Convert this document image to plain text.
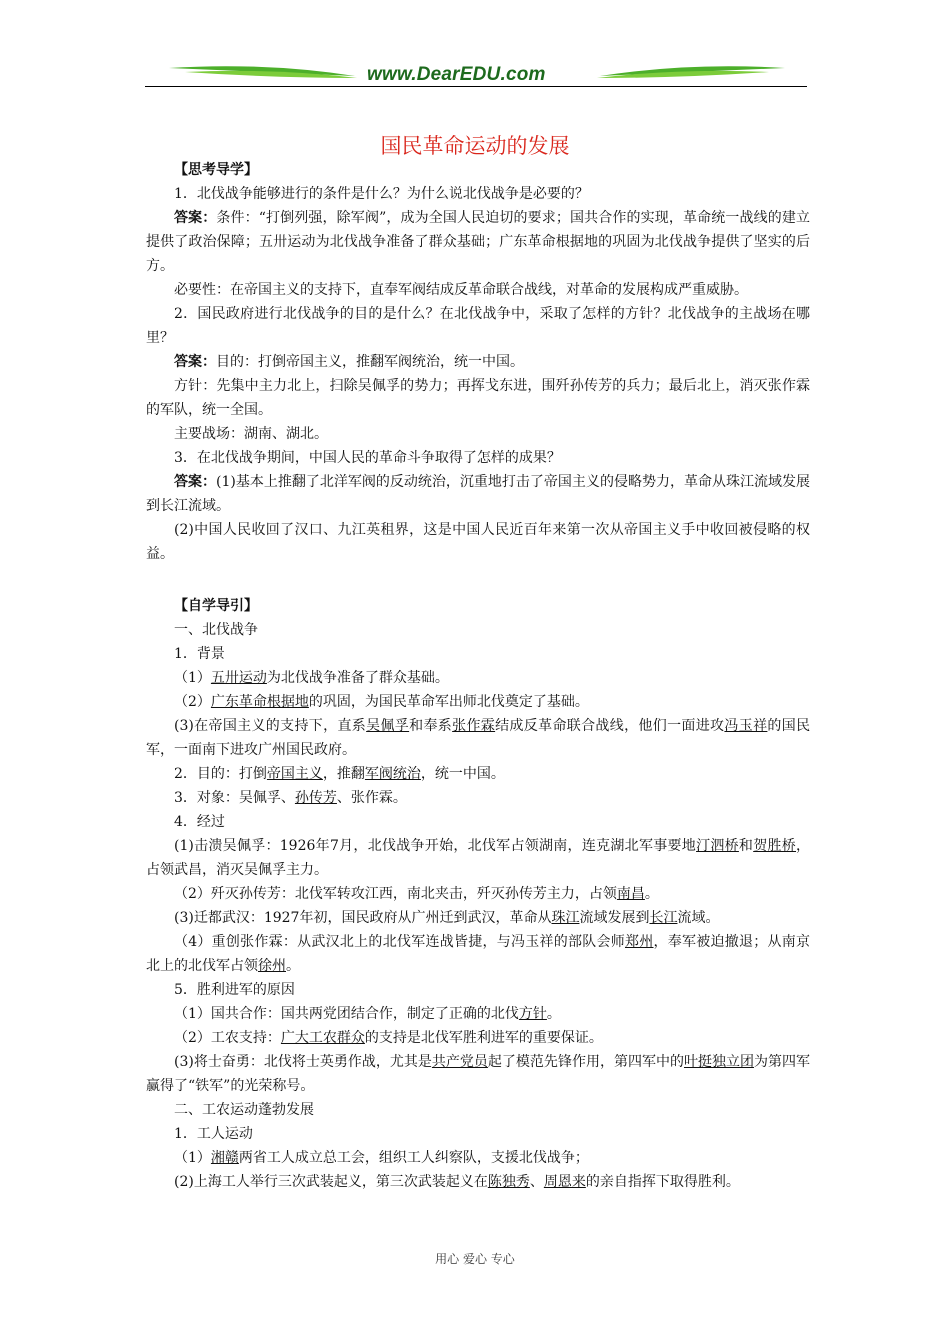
www.DearEDU.com
国民革命运动的发展

【思考导学】

1．北伐战争能够进行的条件是什么？为什么说北伐战争是必要的？

答案：条件：“打倒列强，除军阀”，成为全国人民迫切的要求；国共合作的实现，革命统一战线的建立提供了政治保障；五卅运动为北伐战争准备了群众基础；广东革命根据地的巩固为北伐战争提供了坚实的后方。

必要性：在帝国主义的支持下，直奉军阀结成反革命联合战线，对革命的发展构成严重威胁。

2．国民政府进行北伐战争的目的是什么？在北伐战争中，采取了怎样的方针？北伐战争的主战场在哪里？

答案：目的：打倒帝国主义，推翻军阀统治，统一中国。

方针：先集中主力北上，扫除吴佩孚的势力；再挥戈东进，围歼孙传芳的兵力；最后北上，消灭张作霖的军队，统一全国。

主要战场：湖南、湖北。

3．在北伐战争期间，中国人民的革命斗争取得了怎样的成果？

答案：(1)基本上推翻了北洋军阀的反动统治，沉重地打击了帝国主义的侵略势力，革命从珠江流域发展到长江流域。

(2)中国人民收回了汉口、九江英租界，这是中国人民近百年来第一次从帝国主义手中收回被侵略的权益。

【自学导引】

一、北伐战争

1．背景

（1）五卅运动为北伐战争准备了群众基础。

（2）广东革命根据地的巩固，为国民革命军出师北伐奠定了基础。

(3)在帝国主义的支持下，直系吴佩孚和奉系张作霖结成反革命联合战线，他们一面进攻冯玉祥的国民军，一面南下进攻广州国民政府。

2．目的：打倒帝国主义，推翻军阀统治，统一中国。

3．对象：吴佩孚、孙传芳、张作霖。

4．经过

(1)击溃吴佩孚：1926年7月，北伐战争开始，北伐军占领湖南，连克湖北军事要地汀泗桥和贺胜桥，占领武昌，消灭吴佩孚主力。

（2）歼灭孙传芳：北伐军转攻江西，南北夹击，歼灭孙传芳主力，占领南昌。

(3)迁都武汉：1927年初，国民政府从广州迁到武汉，革命从珠江流域发展到长江流域。

（4）重创张作霖：从武汉北上的北伐军连战皆捷，与冯玉祥的部队会师郑州，奉军被迫撤退；从南京北上的北伐军占领徐州。

5．胜利进军的原因

（1）国共合作：国共两党团结合作，制定了正确的北伐方针。

（2）工农支持：广大工农群众的支持是北伐军胜利进军的重要保证。

(3)将士奋勇：北伐将士英勇作战，尤其是共产党员起了模范先锋作用，第四军中的叶挺独立团为第四军赢得了“铁军”的光荣称号。

二、工农运动蓬勃发展

1．工人运动

（1）湘赣两省工人成立总工会，组织工人纠察队，支援北伐战争；

(2)上海工人举行三次武装起义，第三次武装起义在陈独秀、周恩来的亲自指挥下取得胜利。

用心 爱心 专心
